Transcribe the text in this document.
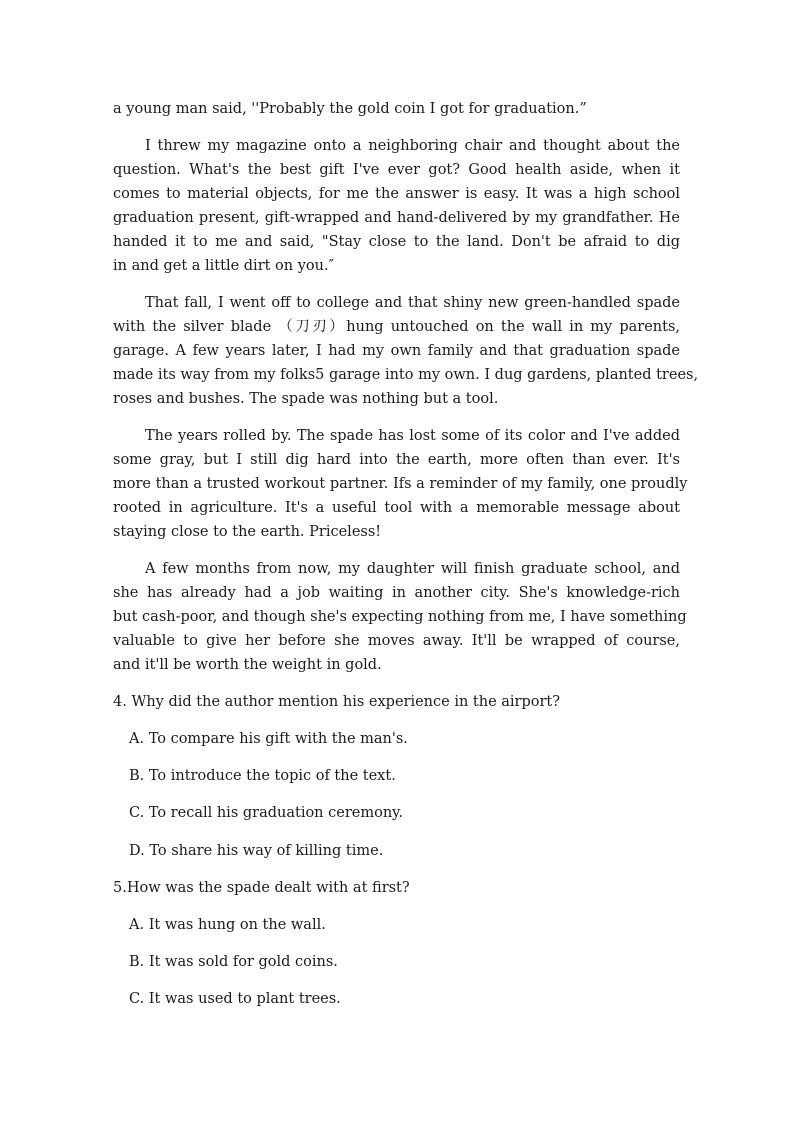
a young man said, ''Probably the gold coin I got for graduation.”
I threw my magazine onto a neighboring chair and thought about the
question. What's the best gift I've ever got? Good health aside, when it
comes to material objects, for me the answer is easy. It was a high school
graduation present, gift-wrapped and hand-delivered by my grandfather. He
handed it to me and said, "Stay close to the land. Don't be afraid to dig
in and get a little dirt on you.″
That fall, I went off to college and that shiny new green-handled spade
with the silver blade （刀刃）hung untouched on the wall in my parents,
garage. A few years later, I had my own family and that graduation spade
made its way from my folks5 garage into my own. I dug gardens, planted trees,
roses and bushes. The spade was nothing but a tool.
The years rolled by. The spade has lost some of its color and I've added
some gray, but I still dig hard into the earth, more often than ever. It's
more than a trusted workout partner. Ifs a reminder of my family, one proudly
rooted in agriculture. It's a useful tool with a memorable message about
staying close to the earth. Priceless!
A few months from now, my daughter will finish graduate school, and
she has already had a job waiting in another city. She's knowledge-rich
but cash-poor, and though she's expecting nothing from me, I have something
valuable to give her before she moves away. It'll be wrapped of course,
and it'll be worth the weight in gold.
4. Why did the author mention his experience in the airport?
A. To compare his gift with the man's.
B. To introduce the topic of the text.
C. To recall his graduation ceremony.
D. To share his way of killing time.
5.How was the spade dealt with at first?
A. It was hung on the wall.
B. It was sold for gold coins.
C. It was used to plant trees.
